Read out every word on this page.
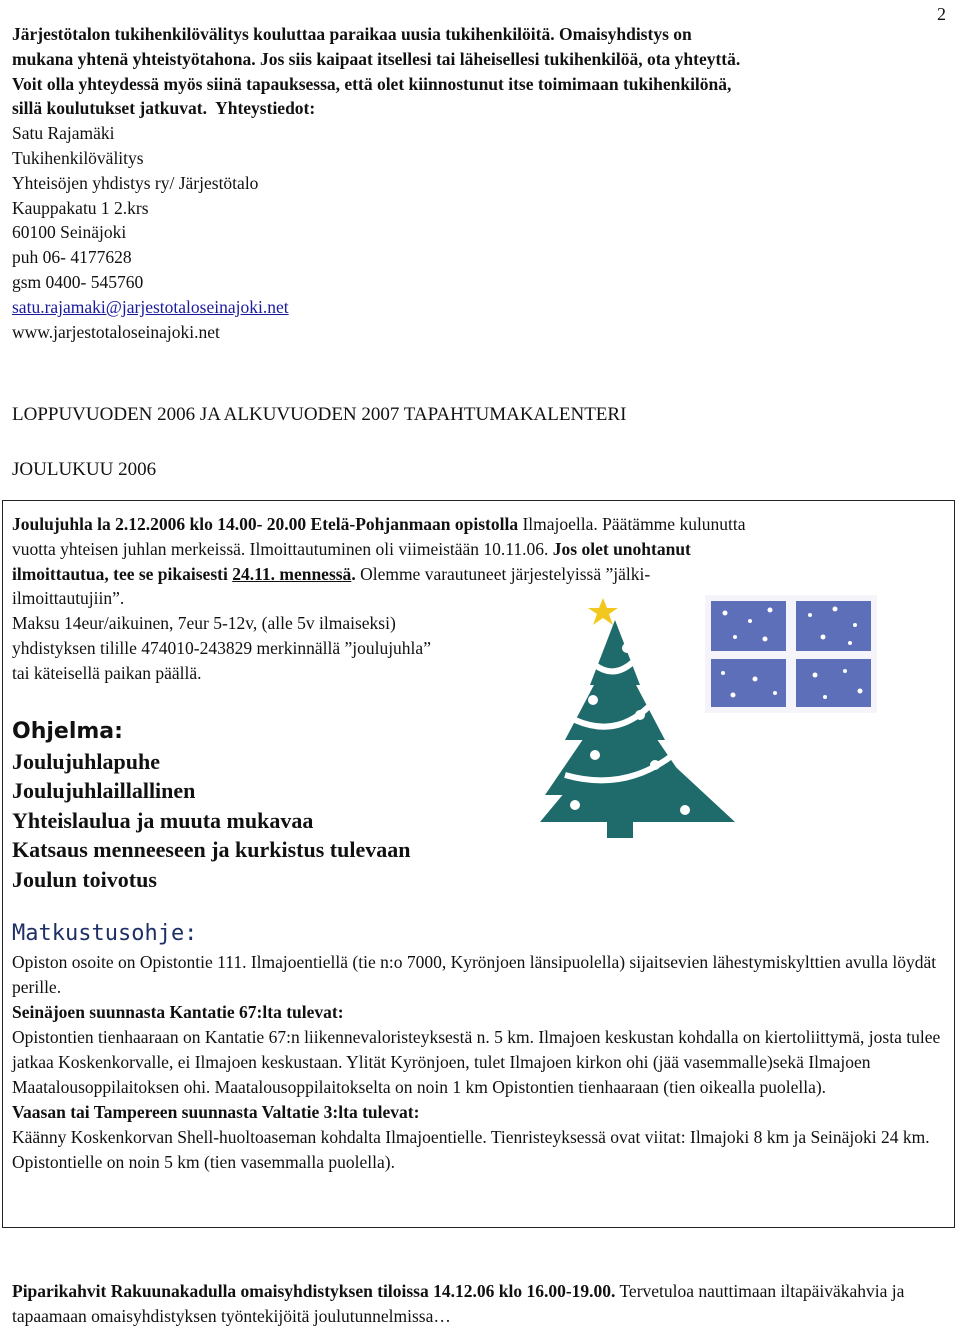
2
Järjestötalon tukihenkilövälitys kouluttaa paraikaa uusia tukihenkilöitä. Omaisyhdistys on
mukana yhtenä yhteistyötahona. Jos siis kaipaat itsellesi tai läheisellesi tukihenkilöä, ota yhteyttä.
Voit olla yhteydessä myös siinä tapauksessa, että olet kiinnostunut itse toimimaan tukihenkilönä,
sillä koulutukset jatkuvat. Yhteystiedot:
Satu Rajamäki
Tukihenkilövälitys
Yhteisöjen yhdistys ry/ Järjestötalo
Kauppakatu 1 2.krs
60100 Seinäjoki
puh 06- 4177628
gsm 0400- 545760
satu.rajamaki@jarjestotaloseinajoki.net
www.jarjestotaloseinajoki.net
LOPPUVUODEN 2006 JA ALKUVUODEN 2007 TAPAHTUMAKALENTERI
JOULUKUU 2006
Joulujuhla la 2.12.2006 klo 14.00- 20.00 Etelä-Pohjanmaan opistolla Ilmajoella. Päätämme kulunutta
vuotta yhteisen juhlan merkeissä. Ilmoittautuminen oli viimeistään 10.11.06. Jos olet unohtanut
ilmoittautua, tee se pikaisesti 24.11. mennessä. Olemme varautuneet järjestelyissä ”jälki-
ilmoittautujiin”.
Maksu 14eur/aikuinen, 7eur 5-12v, (alle 5v ilmaiseksi)
yhdistyksen tilille 474010-243829 merkinnällä ”joulujuhla”
tai käteisellä paikan päällä.
Ohjelma:
Joulujuhlapuhe
Joulujuhlaillallinen
Yhteislaulua ja muuta mukavaa
Katsaus menneeseen ja kurkistus tulevaan
Joulun toivotus
Matkustusohje:
Opiston osoite on Opistontie 111. Ilmajoentiellä (tie n:o 7000, Kyrönjoen länsipuolella) sijaitsevien lähestymiskylttien avulla löydät perille.
Seinäjoen suunnasta Kantatie 67:lta tulevat:
Opistontien tienhaaraan on Kantatie 67:n liikennevaloristeyksestä n. 5 km. Ilmajoen keskustan kohdalla on kiertoliittymä, josta tulee jatkaa Koskenkorvalle, ei Ilmajoen keskustaan. Ylität Kyrönjoen, tulet Ilmajoen kirkon ohi (jää vasemmalle)sekä Ilmajoen Maatalousoppilaitoksen ohi. Maatalousoppilaitokselta on noin 1 km Opistontien tienhaaraan (tien oikealla puolella).
Vaasan tai Tampereen suunnasta Valtatie 3:lta tulevat:
Käänny Koskenkorvan Shell-huoltoaseman kohdalta Ilmajoentielle. Tienristeyksessä ovat viitat: Ilmajoki 8 km ja Seinäjoki 24 km. Opistontielle on noin 5 km (tien vasemmalla puolella).
Piparikahvit Rakuunakadulla omaisyhdistyksen tiloissa 14.12.06 klo 16.00-19.00. Tervetuloa nauttimaan iltapäiväkahvia ja tapaamaan omaisyhdistyksen työntekijöitä joulutunnelmissa…
